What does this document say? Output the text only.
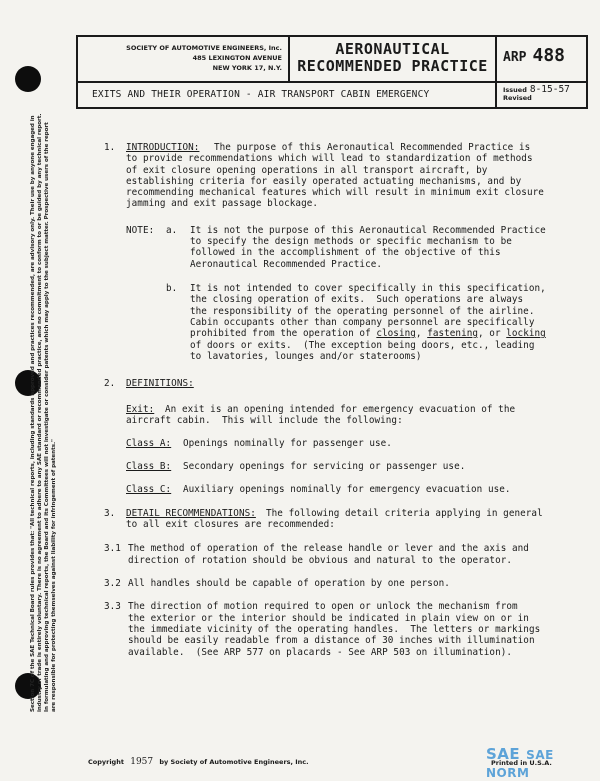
Section 7C of the SAE Technical Board rules provides that: "All technical reports, including standards approved and practices recommended, are advisory only. Their use by anyone engaged in industry or trade is entirely voluntary. There is no agreement to adhere to any SAE standard or recommended practice, and no commitment to conform to or be guided by any technical report. In formulating and approving technical reports, the Board and its Committees will not investigate or consider patents which may apply to the subject matter. Prospective users of the report are responsible for protecting themselves against liability for infringement of patents."

SOCIETY OF AUTOMOTIVE ENGINEERS, Inc.
485 LEXINGTON AVENUE
NEW YORK 17, N.Y.
AERONAUTICAL
RECOMMENDED PRACTICE	ARP 488
EXITS AND THEIR OPERATION - AIR TRANSPORT CABIN EMERGENCY	Issued 8-15-57
Revised
1. INTRODUCTION: The purpose of this Aeronautical Recommended Practice is
to provide recommendations which will lead to standardization of methods
of exit closure opening operations in all transport aircraft, by
establishing criteria for easily operated actuating mechanisms, and by
recommending mechanical features which will result in minimum exit closure
jamming and exit passage blockage.
NOTE: a. It is not the purpose of this Aeronautical Recommended Practice
to specify the design methods or specific mechanism to be
followed in the accomplishment of the objective of this
Aeronautical Recommended Practice.
b. It is not intended to cover specifically in this specification,
the closing operation of exits.  Such operations are always
the responsibility of the operating personnel of the airline.
Cabin occupants other than company personnel are specifically
prohibited from the operation of closing, fastening, or locking
of doors or exits.  (The exception being doors, etc., leading
to lavatories, lounges and/or staterooms)
2. DEFINITIONS:
Exit: An exit is an opening intended for emergency evacuation of the
aircraft cabin.  This will include the following:
Class A: Openings nominally for passenger use.
Class B: Secondary openings for servicing or passenger use.
Class C: Auxiliary openings nominally for emergency evacuation use.
3. DETAIL RECOMMENDATIONS: The following detail criteria applying in general
to all exit closures are recommended:
3.1 The method of operation of the release handle or lever and the axis and
direction of rotation should be obvious and natural to the operator.
3.2 All handles should be capable of operation by one person.
3.3 The direction of motion required to open or unlock the mechanism from
the exterior or the interior should be indicated in plain view on or in
the immediate vicinity of the operating handles.  The letters or markings
should be easily readable from a distance of 30 inches with illumination
available.  (See ARP 577 on placards - See ARP 503 on illumination).
Copyright 1957 by Society of Automotive Engineers, Inc.	Printed in U.S.A.
SAE SAE NORM
